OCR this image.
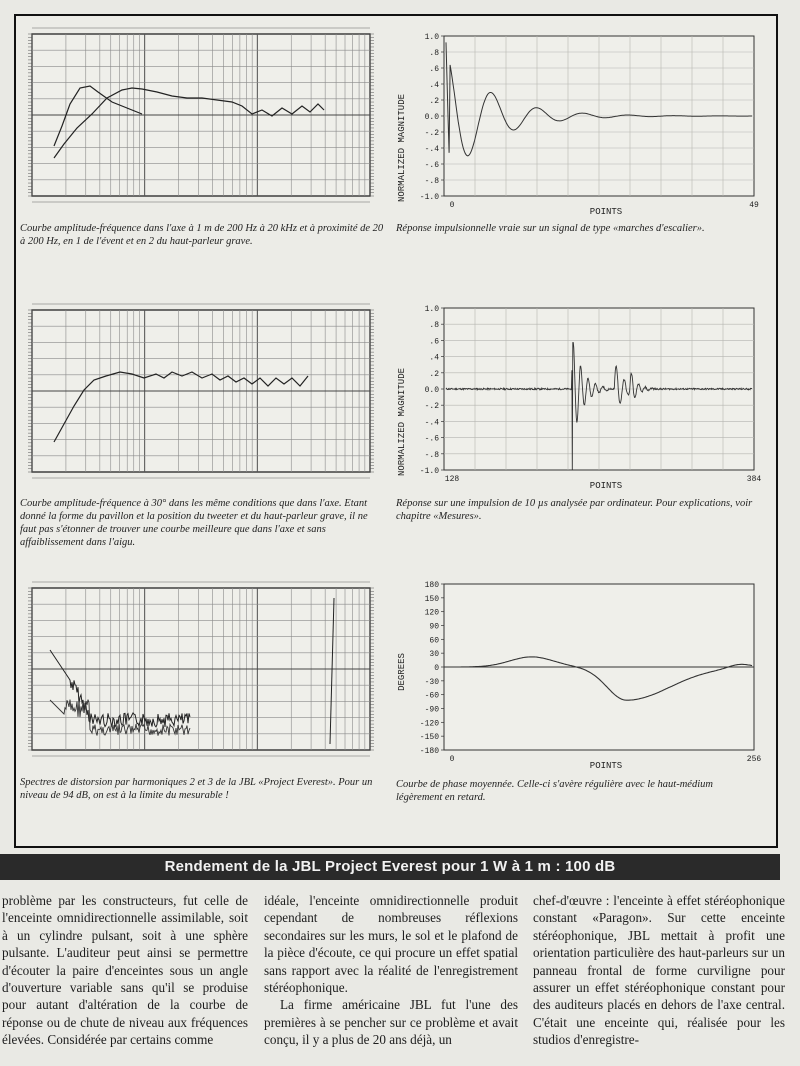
Courbe amplitude-fréquence dans l'axe à 1 m de 200 Hz à 20 kHz et à proximité de 20 à 200 Hz, en 1 de l'évent et en 2 du haut-parleur grave.
NORMALIZED MAGNITUDE
POINTS
1.0
.8
.6
.4
.2
0.0
-.2
-.4
-.6
-.8
-1.0
0	49
Réponse impulsionnelle vraie sur un signal de type «marches d'escalier».
Courbe amplitude-fréquence à 30° dans les même conditions que dans l'axe. Etant donné la forme du pavillon et la position du tweeter et du haut-parleur grave, il ne faut pas s'étonner de trouver une courbe meilleure que dans l'axe et sans affaiblissement dans l'aigu.
NORMALIZED MAGNITUDE
POINTS
1.0
.8
.6
.4
.2
0.0
-.2
-.4
-.6
-.8
-1.0
128	384
Réponse sur une impulsion de 10 µs analysée par ordinateur. Pour explications, voir chapitre «Mesures».
Spectres de distorsion par harmoniques 2 et 3 de la JBL «Project Everest». Pour un niveau de 94 dB, on est à la limite du mesurable !
DEGREES
POINTS
180
150
120
90
60
30
0
-30
-60
-90
-120
-150
-180
0	256
Courbe de phase moyennée. Celle-ci s'avère régulière avec le haut-médium légèrement en retard.
Rendement de la JBL Project Everest pour 1 W à 1 m : 100 dB

problème par les constructeurs, fut celle de l'enceinte omnidirectionnelle assimilable, soit à un cylindre pulsant, soit à une sphère pulsante. L'auditeur peut ainsi se permettre d'écouter la paire d'enceintes sous un angle d'ouverture variable sans qu'il se produise pour autant d'altération de la courbe de réponse ou de chute de niveau aux fréquences élevées. Considérée par certains comme

idéale, l'enceinte omnidirectionnelle produit cependant de nombreuses réflexions secondaires sur les murs, le sol et le plafond de la pièce d'écoute, ce qui procure un effet spatial sans rapport avec la réalité de l'enregistrement stéréophonique.

La firme américaine JBL fut l'une des premières à se pencher sur ce problème et avait conçu, il y a plus de 20 ans déjà, un

chef-d'œuvre : l'enceinte à effet stéréophonique constant «Paragon». Sur cette enceinte stéréophonique, JBL mettait à profit une orientation particulière des haut-parleurs sur un panneau frontal de forme curviligne pour assurer un effet stéréophonique constant pour des auditeurs placés en dehors de l'axe central. C'était une enceinte qui, réalisée pour les studios d'enregistre-
